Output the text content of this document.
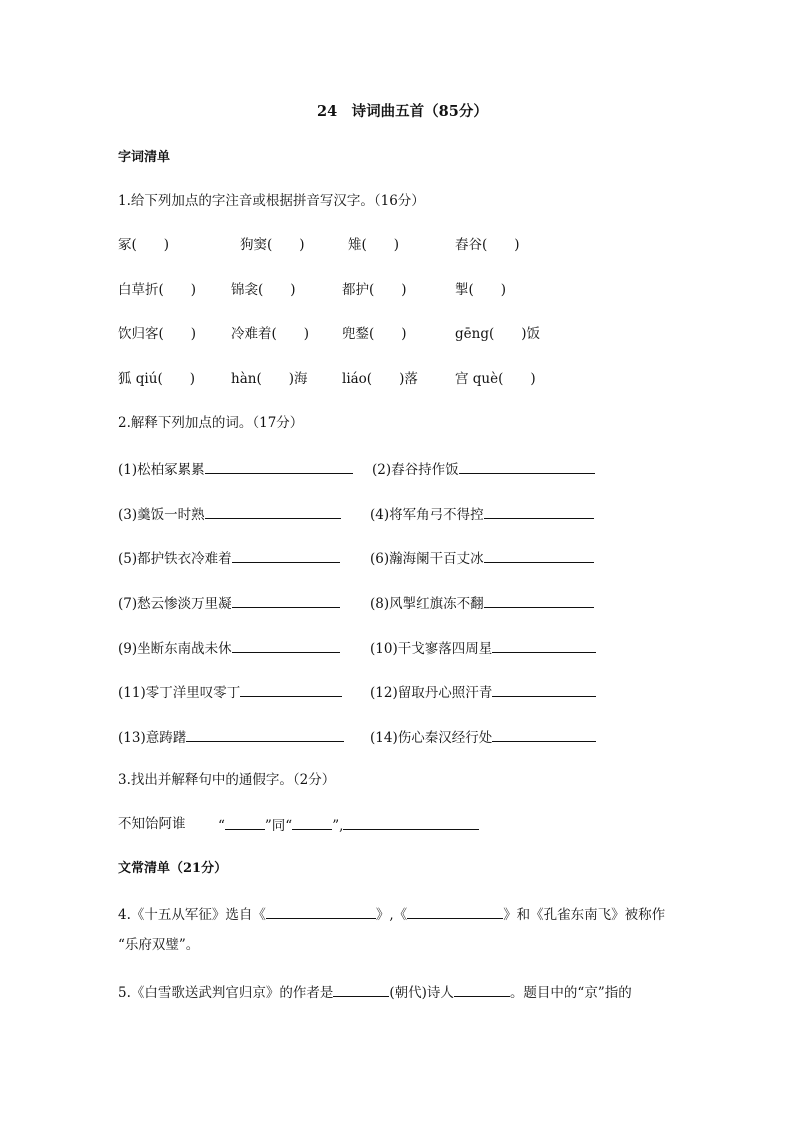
24　诗词曲五首（85分）
字词清单
1.给下列加点的字注音或根据拼音写汉字。（16分）
冢(　　)	狗窦(　　)	雉(　　)	舂谷(　　)
白草折(　　)	锦衾(　　)	都护(　　)	掣(　　)
饮归客(　　)	冷难着(　　) 兜鍪(　　)	gēng(　　)饭
狐 qiú(　　)	hàn(　　)海	liáo(　　)落	宫 què(　　)
2.解释下列加点的词。（17分）
(1)松柏冢累累	(2)舂谷持作饭
(3)羹饭一时熟	(4)将军角弓不得控
(5)都护铁衣冷难着	(6)瀚海阑干百丈冰
(7)愁云惨淡万里凝	(8)风掣红旗冻不翻
(9)坐断东南战未休	(10)干戈寥落四周星
(11)零丁洋里叹零丁	(12)留取丹心照汗青
(13)意踌躇	(14)伤心秦汉经行处
3.找出并解释句中的通假字。（2分）
不知饴阿谁 “	”同“	”,
文常清单（21分）
4.《十五从军征》选自《	》,《	》和《孔雀东南飞》被称作
“乐府双璧”。
5.《白雪歌送武判官归京》的作者是	(朝代)诗人	。题目中的“京”指的
